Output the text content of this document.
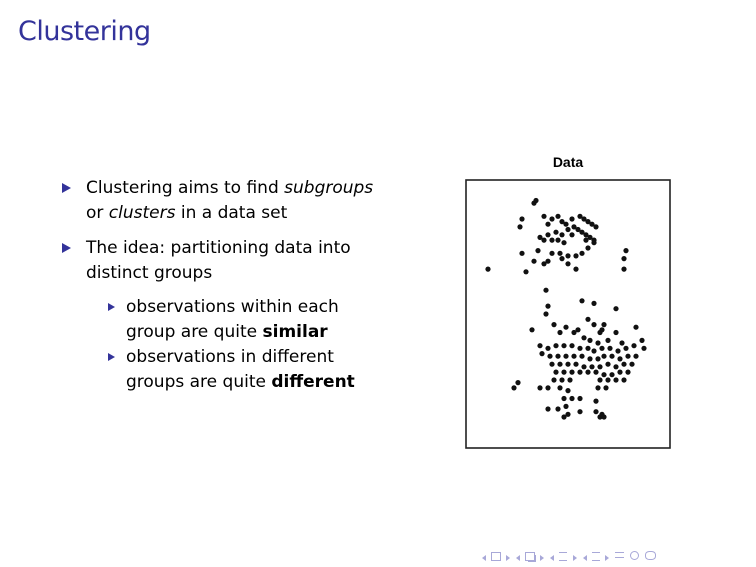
Clustering
Clustering aims to find subgroups or clusters in a data set
The idea: partitioning data into distinct groups
observations within each group are quite similar
observations in different groups are quite different
Data
